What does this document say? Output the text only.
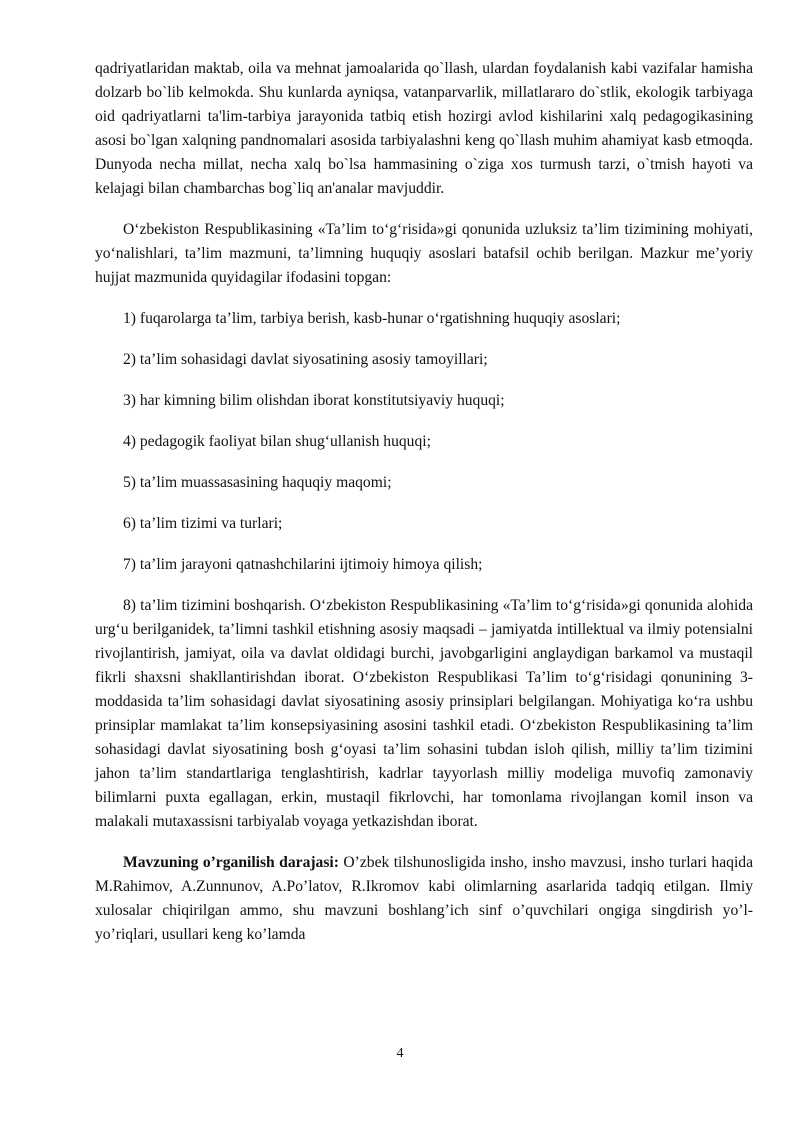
qadriyatlaridan maktab, oila va mehnat jamoalarida qo`llash, ulardan foydalanish kabi vazifalar hamisha dolzarb bo`lib kelmokda. Shu kunlarda ayniqsa, vatanparvarlik, millatlararo do`stlik, ekologik tarbiyaga oid qadriyatlarni ta'lim-tarbiya jarayonida tatbiq etish hozirgi avlod kishilarini xalq pedagogikasining asosi bo`lgan xalqning pandnomalari asosida tarbiyalashni keng qo`llash muhim ahamiyat kasb etmoqda. Dunyoda necha millat, necha xalq bo`lsa hammasining o`ziga xos turmush tarzi, o`tmish hayoti va kelajagi bilan chambarchas bog`liq an'analar mavjuddir.

O‘zbekiston Respublikasining «Ta’lim to‘g‘risida»gi qonunida uzluksiz ta’lim tizimining mohiyati, yo‘nalishlari, ta’lim mazmuni, ta’limning huquqiy asoslari batafsil ochib berilgan. Mazkur me’yoriy hujjat mazmunida quyidagilar ifodasini topgan:

1) fuqarolarga ta’lim, tarbiya berish, kasb-hunar o‘rgatishning huquqiy asoslari;
2) ta’lim sohasidagi davlat siyosatining asosiy tamoyillari;
3) har kimning bilim olishdan iborat konstitutsiyaviy huquqi;
4) pedagogik faoliyat bilan shug‘ullanish huquqi;
5) ta’lim muassasasining haquqiy maqomi;
6) ta’lim tizimi va turlari;
7) ta’lim jarayoni qatnashchilarini ijtimoiy himoya qilish;

8) ta’lim tizimini boshqarish. O‘zbekiston Respublikasining «Ta’lim to‘g‘risida»gi qonunida alohida urg‘u berilganidek, ta’limni tashkil etishning asosiy maqsadi – jamiyatda intillektual va ilmiy potensialni rivojlantirish, jamiyat, oila va davlat oldidagi burchi, javobgarligini anglaydigan barkamol va mustaqil fikrli shaxsni shakllantirishdan iborat. O‘zbekiston Respublikasi Ta’lim to‘g‘risidagi qonunining 3-moddasida ta’lim sohasidagi davlat siyosatining asosiy prinsiplari belgilangan. Mohiyatiga ko‘ra ushbu prinsiplar mamlakat ta’lim konsepsiyasining asosini tashkil etadi. O‘zbekiston Respublikasining ta’lim sohasidagi davlat siyosatining bosh g‘oyasi ta’lim sohasini tubdan isloh qilish, milliy ta’lim tizimini jahon ta’lim standartlariga tenglashtirish, kadrlar tayyorlash milliy modeliga muvofiq zamonaviy bilimlarni puxta egallagan, erkin, mustaqil fikrlovchi, har tomonlama rivojlangan komil inson va malakali mutaxassisni tarbiyalab voyaga yetkazishdan iborat.

Mavzuning o’rganilish darajasi: O’zbek tilshunosligida insho, insho mavzusi, insho turlari haqida M.Rahimov, A.Zunnunov, A.Po’latov, R.Ikromov kabi olimlarning asarlarida tadqiq etilgan. Ilmiy xulosalar chiqirilgan ammo, shu mavzuni boshlang’ich sinf o’quvchilari ongiga singdirish yo’l-yo’riqlari, usullari keng ko’lamda

4
